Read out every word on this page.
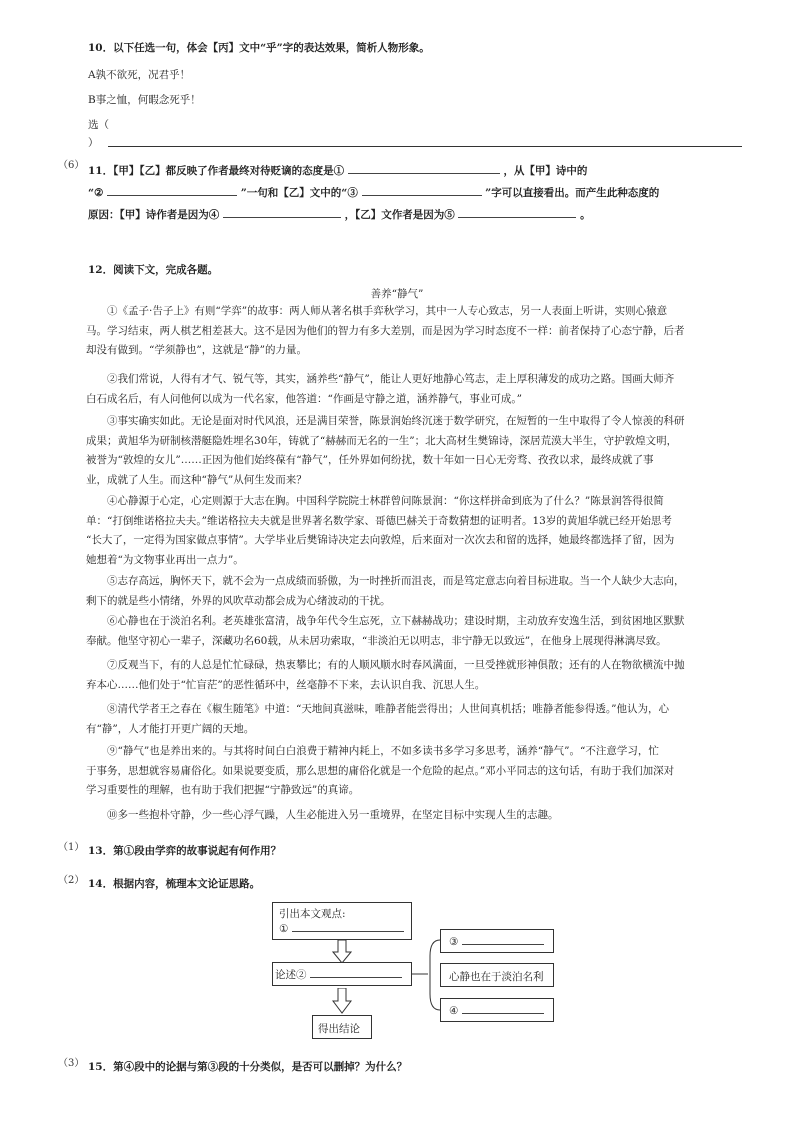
10．以下任选一句，体会【丙】文中“乎”字的表达效果，简析人物形象。
A孰不欲死，况君乎！
B事之恤，何暇念死乎！
选（
）
（6） 11．【甲】【乙】都反映了作者最终对待贬谪的态度是①	，从【甲】诗中的
“②	”一句和【乙】文中的“③	”字可以直接看出。而产生此种态度的
原因：【甲】诗作者是因为④	，【乙】文作者是因为⑤	。
12．阅读下文，完成各题。
善养“静气”
①《孟子·告子上》有则“学弈”的故事：两人师从著名棋手弈秋学习，其中一人专心致志，另一人表面上听讲，实则心猿意
马。学习结束，两人棋艺相差甚大。这不是因为他们的智力有多大差别，而是因为学习时态度不一样：前者保持了心态宁静，后者
却没有做到。“学须静也”，这就是“静”的力量。
②我们常说，人得有才气、锐气等，其实，涵养些“静气”，能让人更好地静心笃志，走上厚积薄发的成功之路。国画大师齐
白石成名后，有人问他何以成为一代名家，他答道：“作画是守静之道，涵养静气，事业可成。”
③事实确实如此。无论是面对时代风浪，还是满目荣誉，陈景润始终沉迷于数学研究，在短暂的一生中取得了令人惊羡的科研
成果；黄旭华为研制核潜艇隐姓埋名30年，铸就了“赫赫而无名的一生”；北大高材生樊锦诗，深居荒漠大半生，守护敦煌文明，
被誉为“敦煌的女儿”……正因为他们始终葆有“静气”，任外界如何纷扰，数十年如一日心无旁骛、孜孜以求，最终成就了事
业，成就了人生。而这种“静气”从何生发而来？
④心静源于心定，心定则源于大志在胸。中国科学院院士林群曾问陈景润：“你这样拼命到底为了什么？”陈景润答得很简
单：“打倒维诺格拉夫夫。”维诺格拉夫夫就是世界著名数学家、哥德巴赫关于奇数猜想的证明者。13岁的黄旭华就已经开始思考
“长大了，一定得为国家做点事情”。大学毕业后樊锦诗决定去向敦煌，后来面对一次次去和留的选择，她最终都选择了留，因为
她想着“为文物事业再出一点力”。
⑤志存高远，胸怀天下，就不会为一点成绩而骄傲，为一时挫折而沮丧，而是笃定意志向着目标进取。当一个人缺少大志向，
剩下的就是些小情绪，外界的风吹草动都会成为心绪波动的干扰。
⑥心静也在于淡泊名利。老英雄张富清，战争年代令生忘死，立下赫赫战功；建设时期，主动放弃安逸生活，到贫困地区默默
奉献。他坚守初心一辈子，深藏功名60载，从未居功索取，“非淡泊无以明志，非宁静无以致远”，在他身上展现得淋漓尽致。
⑦反观当下，有的人总是忙忙碌碌，热衷攀比；有的人顺风顺水时春风满面，一旦受挫就形神俱散；还有的人在物欲横流中抛
弃本心……他们处于“忙盲茫”的恶性循环中，丝毫静不下来，去认识自我、沉思人生。
⑧清代学者王之春在《椒生随笔》中道：“天地间真滋味，唯静者能尝得出；人世间真机括；唯静者能参得透。”他认为，心
有“静”，人才能打开更广阔的天地。
⑨“静气”也是养出来的。与其将时间白白浪费于精神内耗上，不如多读书多学习多思考，涵养“静气”。“不注意学习，忙
于事务，思想就容易庸俗化。如果说要变质，那么思想的庸俗化就是一个危险的起点。”邓小平同志的这句话，有助于我们加深对
学习重要性的理解，也有助于我们把握“宁静致远”的真谛。
⑩多一些抱朴守静，少一些心浮气躁，人生必能进入另一重境界，在坚定目标中实现人生的志趣。
（1） 13．第①段由学弈的故事说起有何作用？
（2） 14．根据内容，梳理本文论证思路。
引出本文观点:
①
论述②
得出结论
③
心静也在于淡泊名利
④
（3） 15．第④段中的论据与第③段的十分类似，是否可以删掉？为什么？
